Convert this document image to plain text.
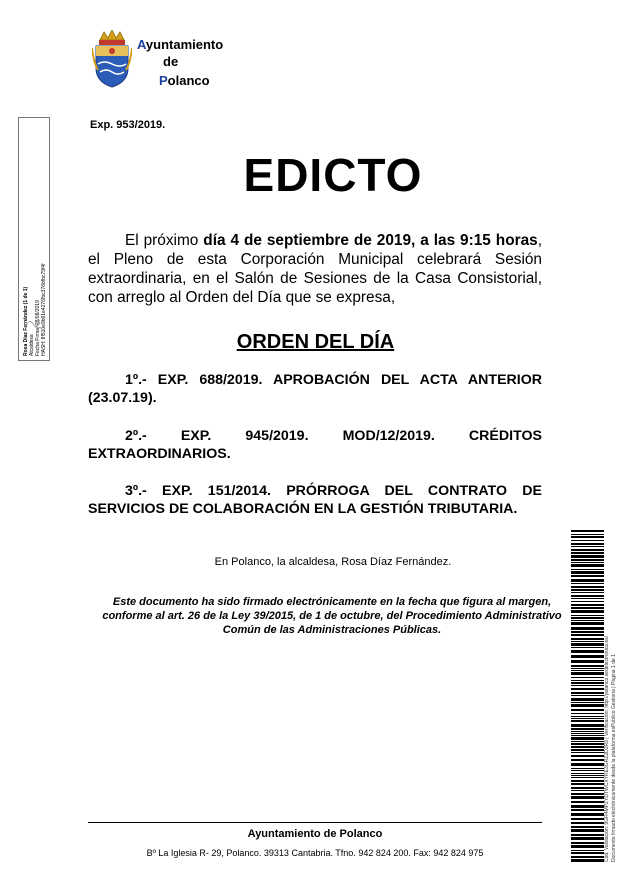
Ayuntamiento
de
Polanco
Exp. 953/2019.
EDICTO
El próximo día 4 de septiembre de 2019, a las 9:15 horas, el Pleno de esta Corporación Municipal celebrará Sesión extraordinaria, en el Salón de Sesiones de la Casa Consistorial, con arreglo al Orden del Día que se expresa,
ORDEN DEL DÍA
1º.- EXP. 688/2019. APROBACIÓN DEL ACTA ANTERIOR (23.07.19).
2º.- EXP. 945/2019. MOD/12/2019. CRÉDITOS EXTRAORDINARIOS.
3º.- EXP. 151/2014. PRÓRROGA DEL CONTRATO DE SERVICIOS DE COLABORACIÓN EN LA GESTIÓN TRIBUTARIA.
En Polanco, la alcaldesa, Rosa Díaz Fernández.
Este documento ha sido firmado electrónicamente en la fecha que figura al margen, conforme al art. 26 de la Ley 39/2015, de 1 de octubre, del Procedimiento Administrativo Común de las Administraciones Públicas.
Ayuntamiento de Polanco
Bº La Iglesia R- 29, Polanco. 39313 Cantabria. Tfno. 942 824 200. Fax: 942 824 975
Rosa Díaz Fernández (1 de 1) Alcaldesa Fecha Firma: 28/08/2019 HASH: 8f510e9b61e4276fbc376bfbc79f4f
Cód. Validación: 9GR4MPZYDTWCXYRE3GRZ2D2R9 | Verificación: http://polanco.sedelectronica.es/ Documento firmado electrónicamente desde la plataforma esPublico Gestiona | Página 1 de 1
